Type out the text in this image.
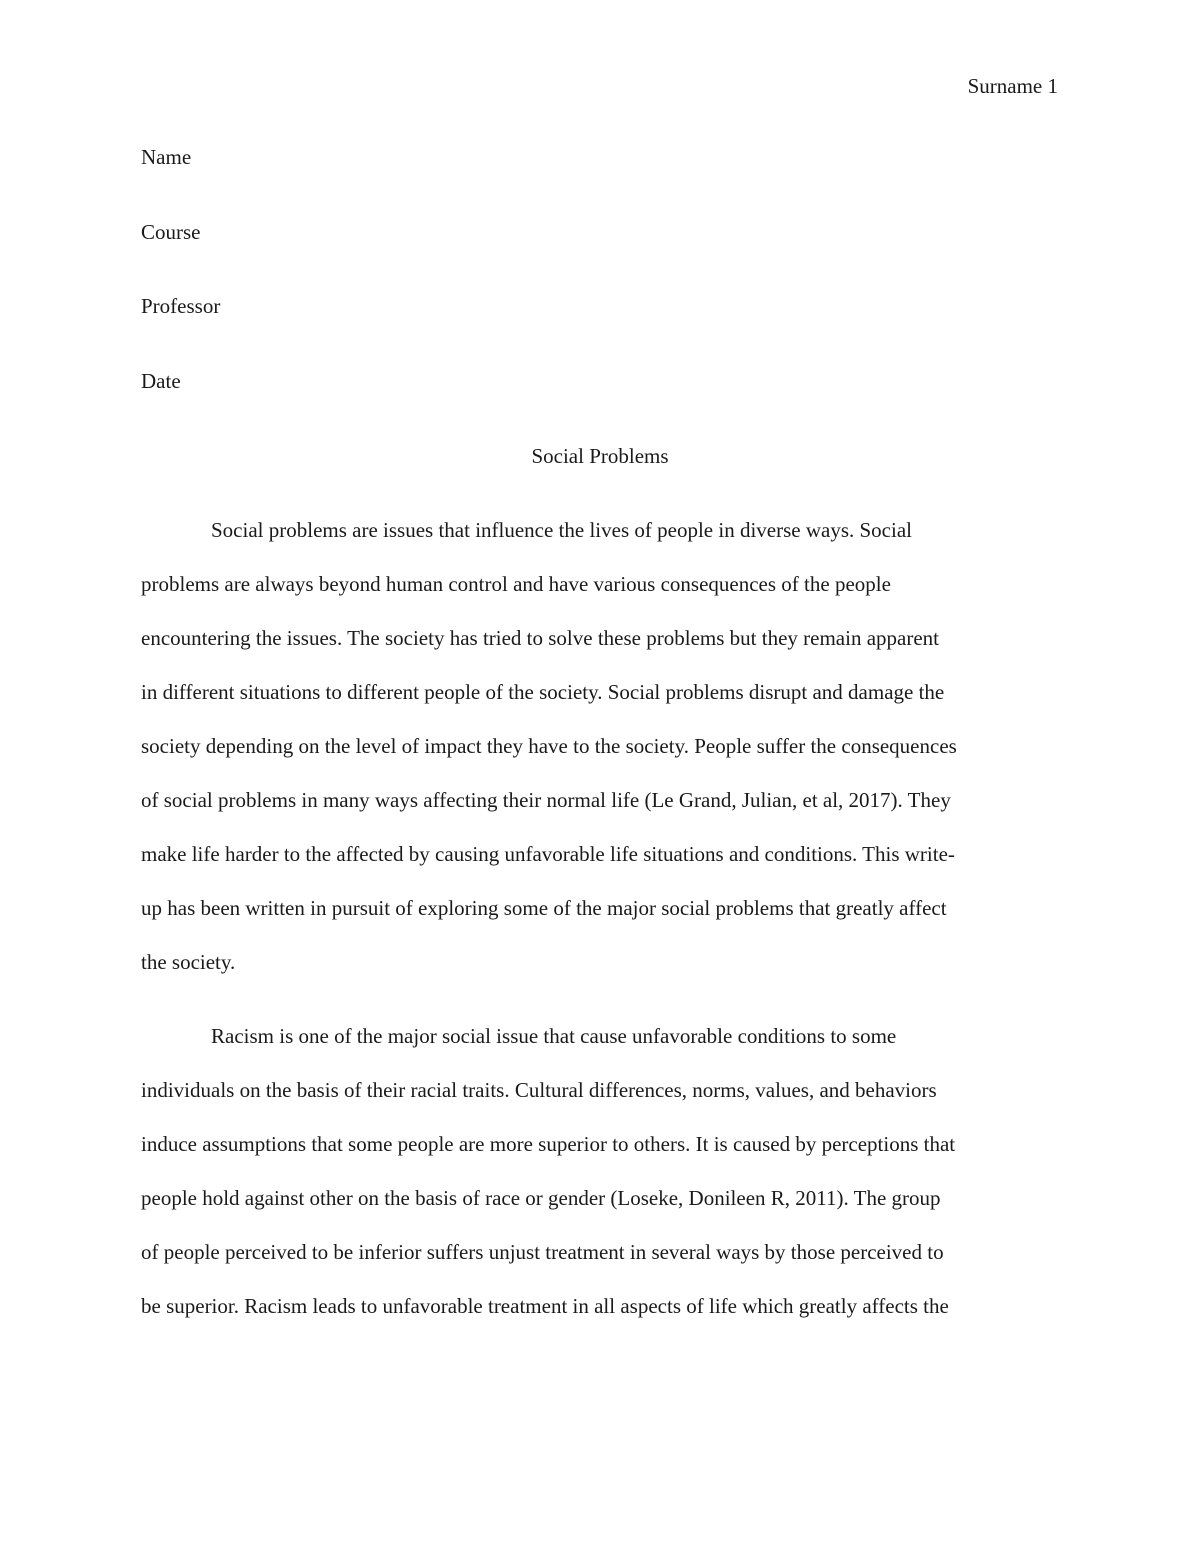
Surname 1
Name
Course
Professor
Date
Social Problems
Social problems are issues that influence the lives of people in diverse ways. Social
problems are always beyond human control and have various consequences of the people
encountering the issues. The society has tried to solve these problems but they remain apparent
in different situations to different people of the society. Social problems disrupt and damage the
society depending on the level of impact they have to the society. People suffer the consequences
of social problems in many ways affecting their normal life (Le Grand, Julian, et al, 2017). They
make life harder to the affected by causing unfavorable life situations and conditions. This write-
up has been written in pursuit of exploring some of the major social problems that greatly affect
the society.
Racism is one of the major social issue that cause unfavorable conditions to some
individuals on the basis of their racial traits. Cultural differences, norms, values, and behaviors
induce assumptions that some people are more superior to others. It is caused by perceptions that
people hold against other on the basis of race or gender (Loseke, Donileen R, 2011). The group
of people perceived to be inferior suffers unjust treatment in several ways by those perceived to
be superior. Racism leads to unfavorable treatment in all aspects of life which greatly affects the
